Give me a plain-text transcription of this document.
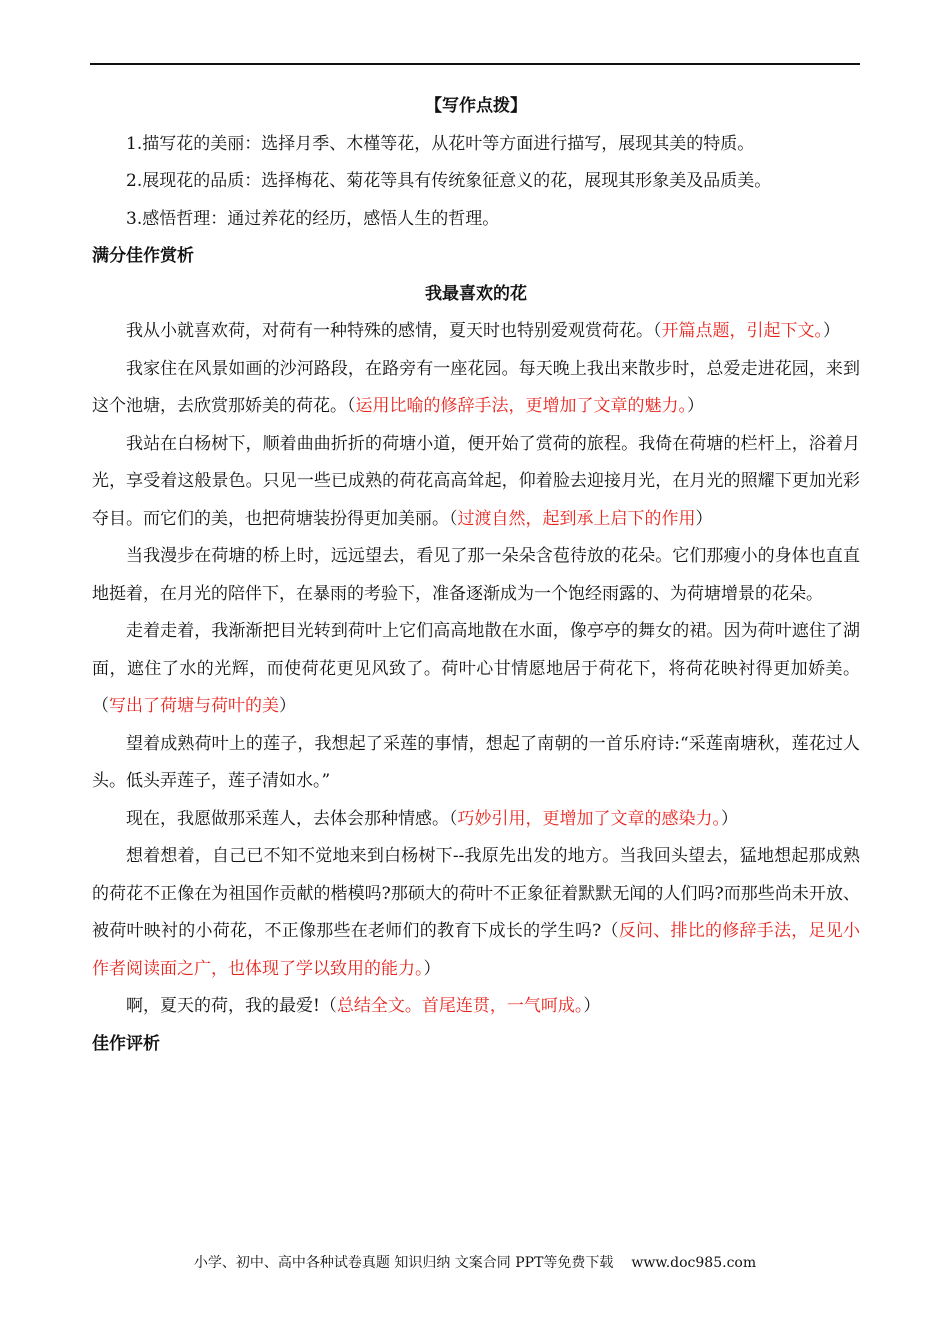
【写作点拨】

1.描写花的美丽：选择月季、木槿等花，从花叶等方面进行描写，展现其美的特质。

2.展现花的品质：选择梅花、菊花等具有传统象征意义的花，展现其形象美及品质美。

3.感悟哲理：通过养花的经历，感悟人生的哲理。

满分佳作赏析

我最喜欢的花

我从小就喜欢荷，对荷有一种特殊的感情，夏天时也特别爱观赏荷花。（开篇点题，引起下文。）

我家住在风景如画的沙河路段，在路旁有一座花园。每天晚上我出来散步时，总爱走进花园，来到这个池塘，去欣赏那娇美的荷花。（运用比喻的修辞手法，更增加了文章的魅力。）

我站在白杨树下，顺着曲曲折折的荷塘小道，便开始了赏荷的旅程。我倚在荷塘的栏杆上，浴着月光，享受着这般景色。只见一些已成熟的荷花高高耸起，仰着脸去迎接月光，在月光的照耀下更加光彩夺目。而它们的美，也把荷塘装扮得更加美丽。（过渡自然，起到承上启下的作用）

当我漫步在荷塘的桥上时，远远望去，看见了那一朵朵含苞待放的花朵。它们那瘦小的身体也直直地挺着，在月光的陪伴下，在暴雨的考验下，准备逐渐成为一个饱经雨露的、为荷塘增景的花朵。

走着走着，我渐渐把目光转到荷叶上它们高高地散在水面，像亭亭的舞女的裙。因为荷叶遮住了湖面，遮住了水的光辉，而使荷花更见风致了。荷叶心甘情愿地居于荷花下，将荷花映衬得更加娇美。（写出了荷塘与荷叶的美）

望着成熟荷叶上的莲子，我想起了采莲的事情，想起了南朝的一首乐府诗:“采莲南塘秋，莲花过人头。低头弄莲子，莲子清如水。”

现在，我愿做那采莲人，去体会那种情感。（巧妙引用，更增加了文章的感染力。）

想着想着，自己已不知不觉地来到白杨树下--我原先出发的地方。当我回头望去，猛地想起那成熟的荷花不正像在为祖国作贡献的楷模吗?那硕大的荷叶不正象征着默默无闻的人们吗?而那些尚未开放、被荷叶映衬的小荷花，不正像那些在老师们的教育下成长的学生吗?（反问、排比的修辞手法，足见小作者阅读面之广，也体现了学以致用的能力。）

啊，夏天的荷，我的最爱!（总结全文。首尾连贯，一气呵成。）

佳作评析

小学、初中、高中各种试卷真题 知识归纳 文案合同 PPT等免费下载 www.doc985.com
